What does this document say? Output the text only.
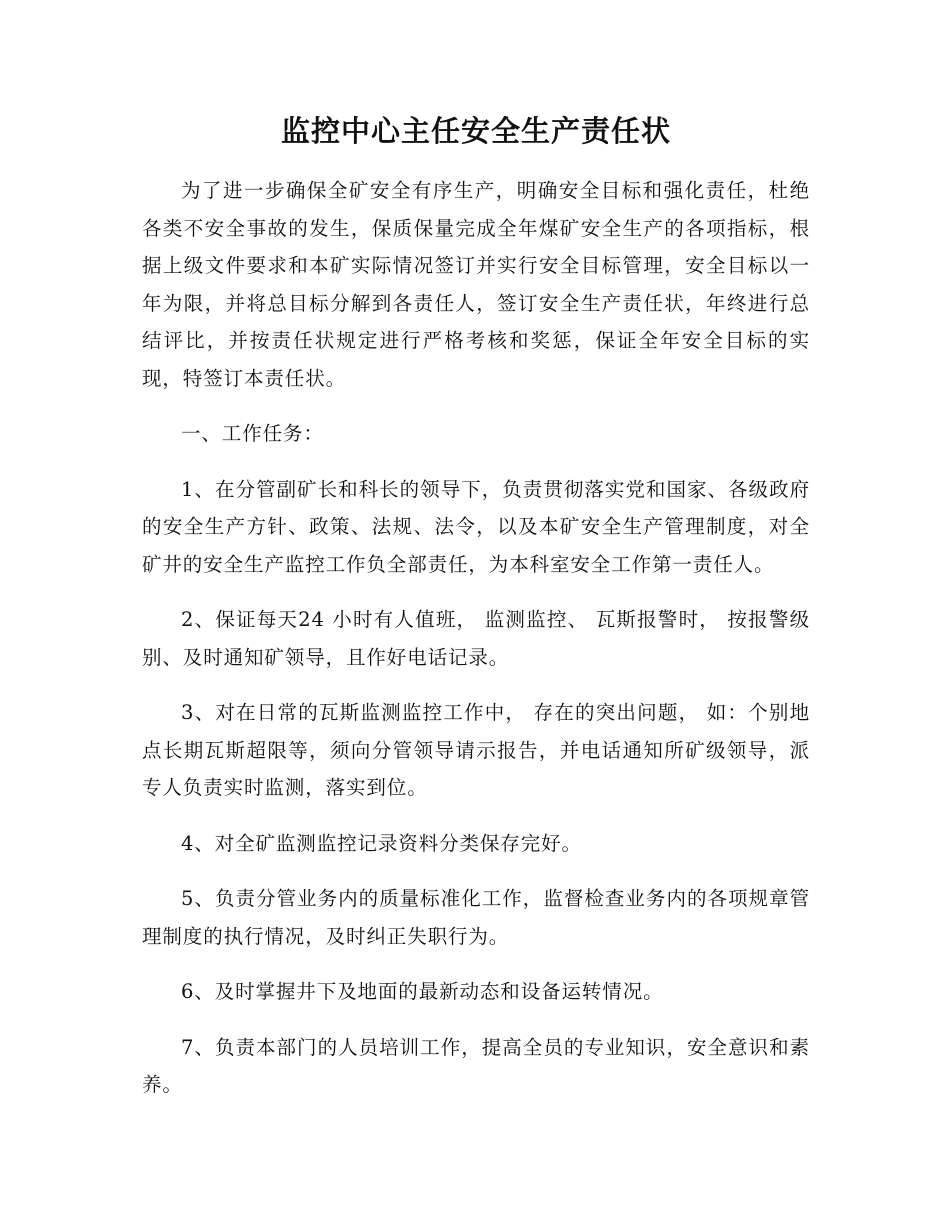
监控中心主任安全生产责任状

为了进一步确保全矿安全有序生产，明确安全目标和强化责任，杜绝各类不安全事故的发生，保质保量完成全年煤矿安全生产的各项指标，根据上级文件要求和本矿实际情况签订并实行安全目标管理，安全目标以一年为限，并将总目标分解到各责任人，签订安全生产责任状，年终进行总结评比，并按责任状规定进行严格考核和奖惩，保证全年安全目标的实现，特签订本责任状。

一、工作任务：

1、在分管副矿长和科长的领导下，负责贯彻落实党和国家、各级政府的安全生产方针、政策、法规、法令，以及本矿安全生产管理制度，对全矿井的安全生产监控工作负全部责任，为本科室安全工作第一责任人。

2、保证每天24 小时有人值班， 监测监控、 瓦斯报警时， 按报警级别、及时通知矿领导，且作好电话记录。

3、对在日常的瓦斯监测监控工作中， 存在的突出问题， 如：个别地点长期瓦斯超限等，须向分管领导请示报告，并电话通知所矿级领导，派专人负责实时监测，落实到位。

4、对全矿监测监控记录资料分类保存完好。

5、负责分管业务内的质量标准化工作，监督检查业务内的各项规章管理制度的执行情况，及时纠正失职行为。

6、及时掌握井下及地面的最新动态和设备运转情况。

7、负责本部门的人员培训工作，提高全员的专业知识，安全意识和素养。
